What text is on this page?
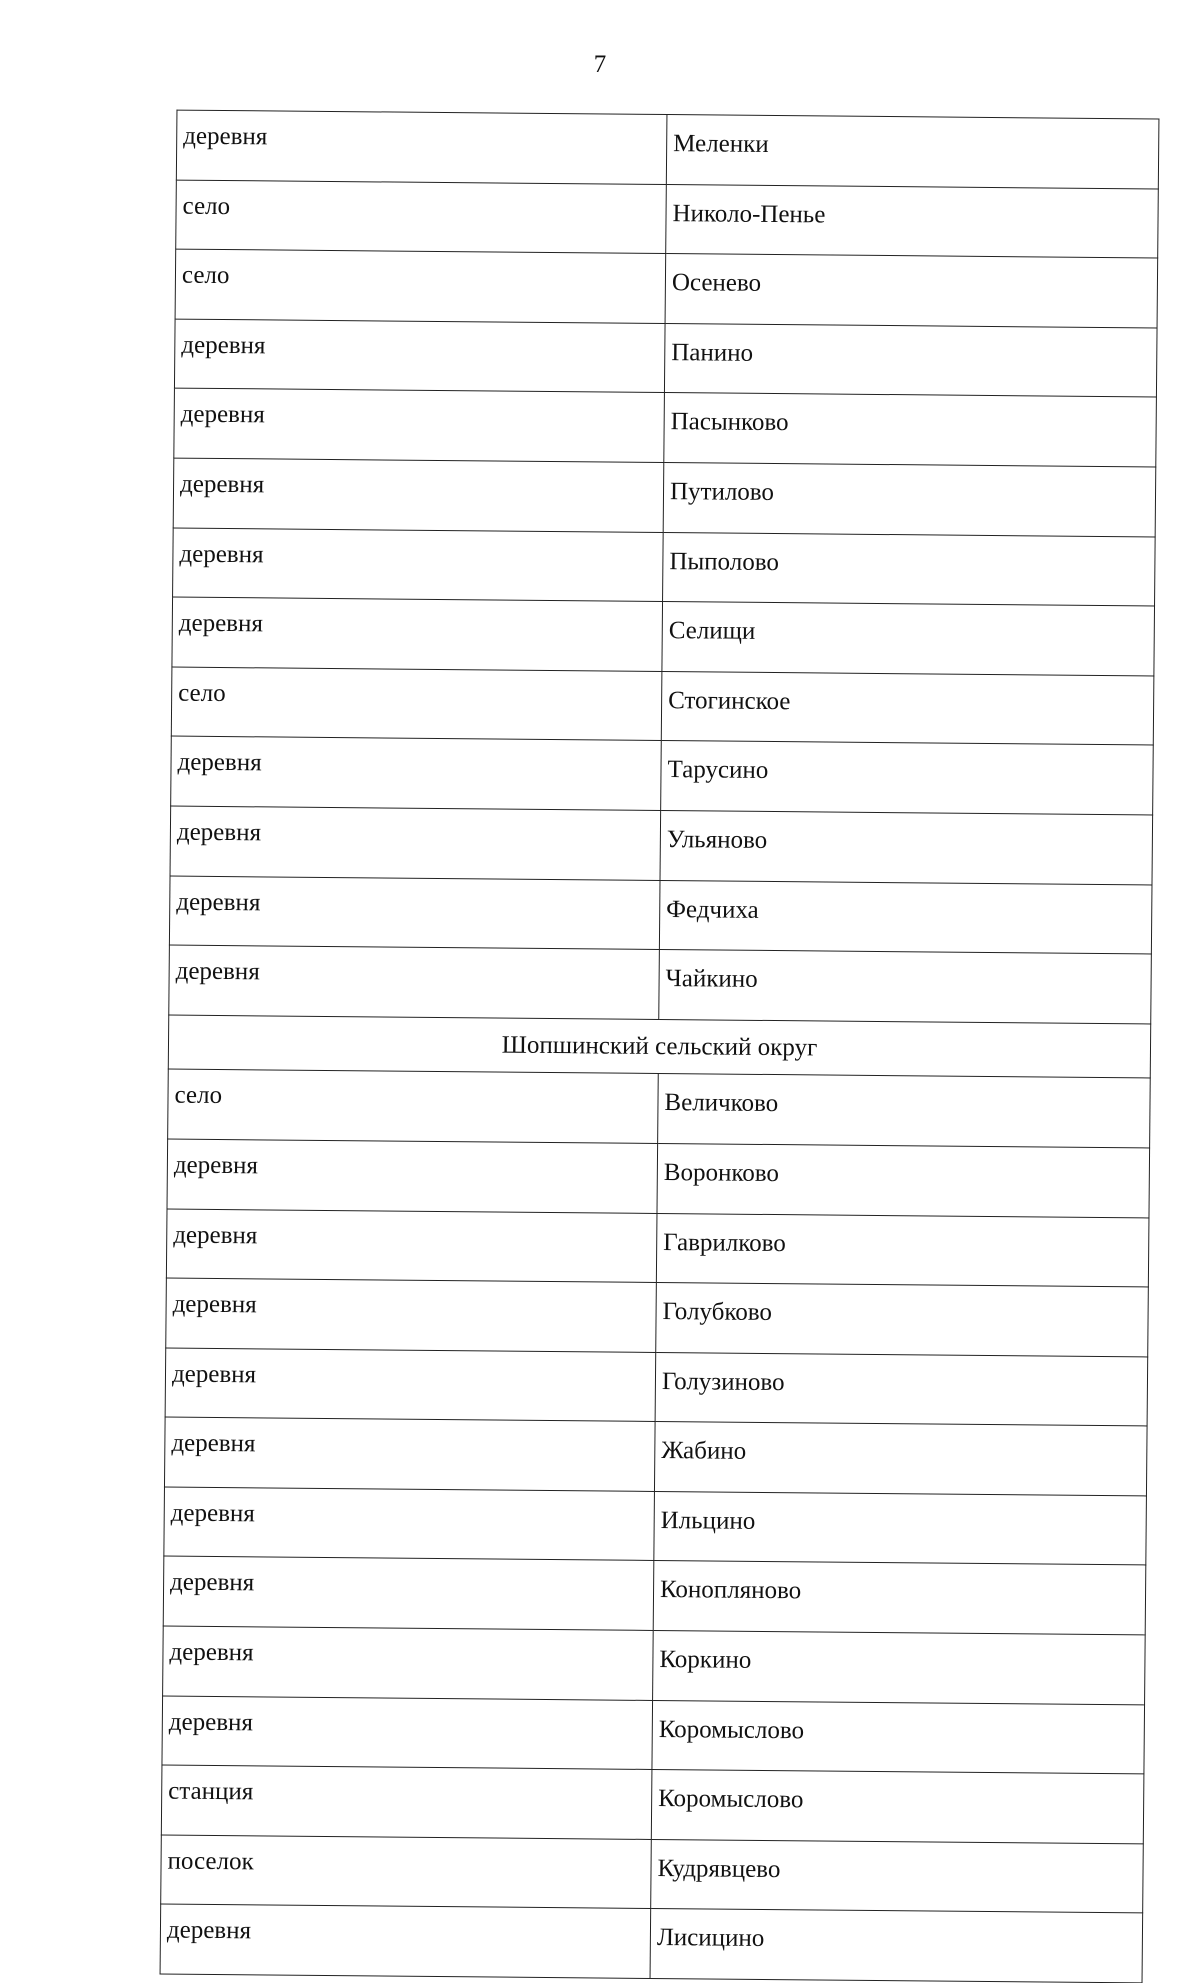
7
деревня	Меленки
село	Николо-Пенье
село	Осенево
деревня	Панино
деревня	Пасынково
деревня	Путилово
деревня	Пыполово
деревня	Селищи
село	Стогинское
деревня	Тарусино
деревня	Ульяново
деревня	Федчиха
деревня	Чайкино
Шопшинский сельский округ	
село	Величково
деревня	Воронково
деревня	Гаврилково
деревня	Голубково
деревня	Голузиново
деревня	Жабино
деревня	Ильцино
деревня	Конопляново
деревня	Коркино
деревня	Коромыслово
станция	Коромыслово
поселок	Кудрявцево
деревня	Лисицино
